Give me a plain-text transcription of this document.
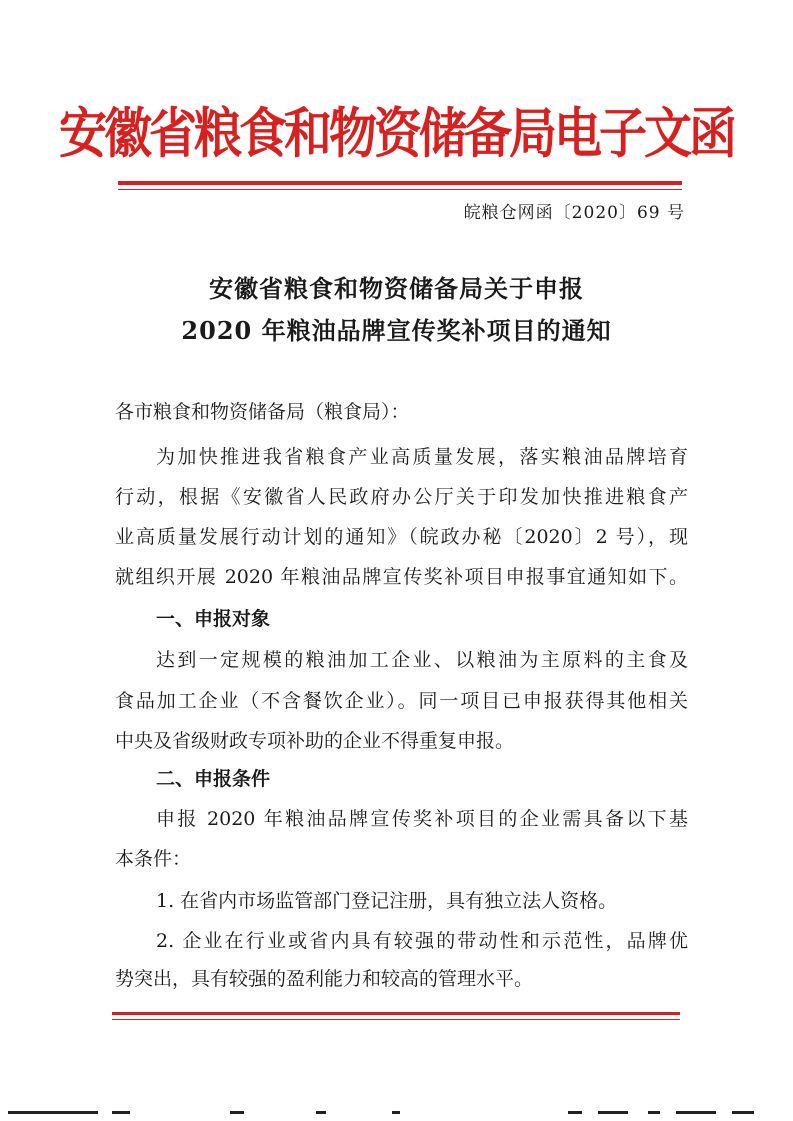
安徽省粮食和物资储备局电子文函
皖粮仓网函〔2020〕69 号
安徽省粮食和物资储备局关于申报
2020 年粮油品牌宣传奖补项目的通知
各市粮食和物资储备局（粮食局）：
为加快推进我省粮食产业高质量发展，落实粮油品牌培育
行动，根据《安徽省人民政府办公厅关于印发加快推进粮食产
业高质量发展行动计划的通知》（皖政办秘〔2020〕2 号），现
就组织开展 2020 年粮油品牌宣传奖补项目申报事宜通知如下。
一、申报对象
达到一定规模的粮油加工企业、以粮油为主原料的主食及
食品加工企业（不含餐饮企业）。同一项目已申报获得其他相关
中央及省级财政专项补助的企业不得重复申报。
二、申报条件
申报 2020 年粮油品牌宣传奖补项目的企业需具备以下基
本条件：
1. 在省内市场监管部门登记注册，具有独立法人资格。
2. 企业在行业或省内具有较强的带动性和示范性，品牌优
势突出，具有较强的盈利能力和较高的管理水平。
